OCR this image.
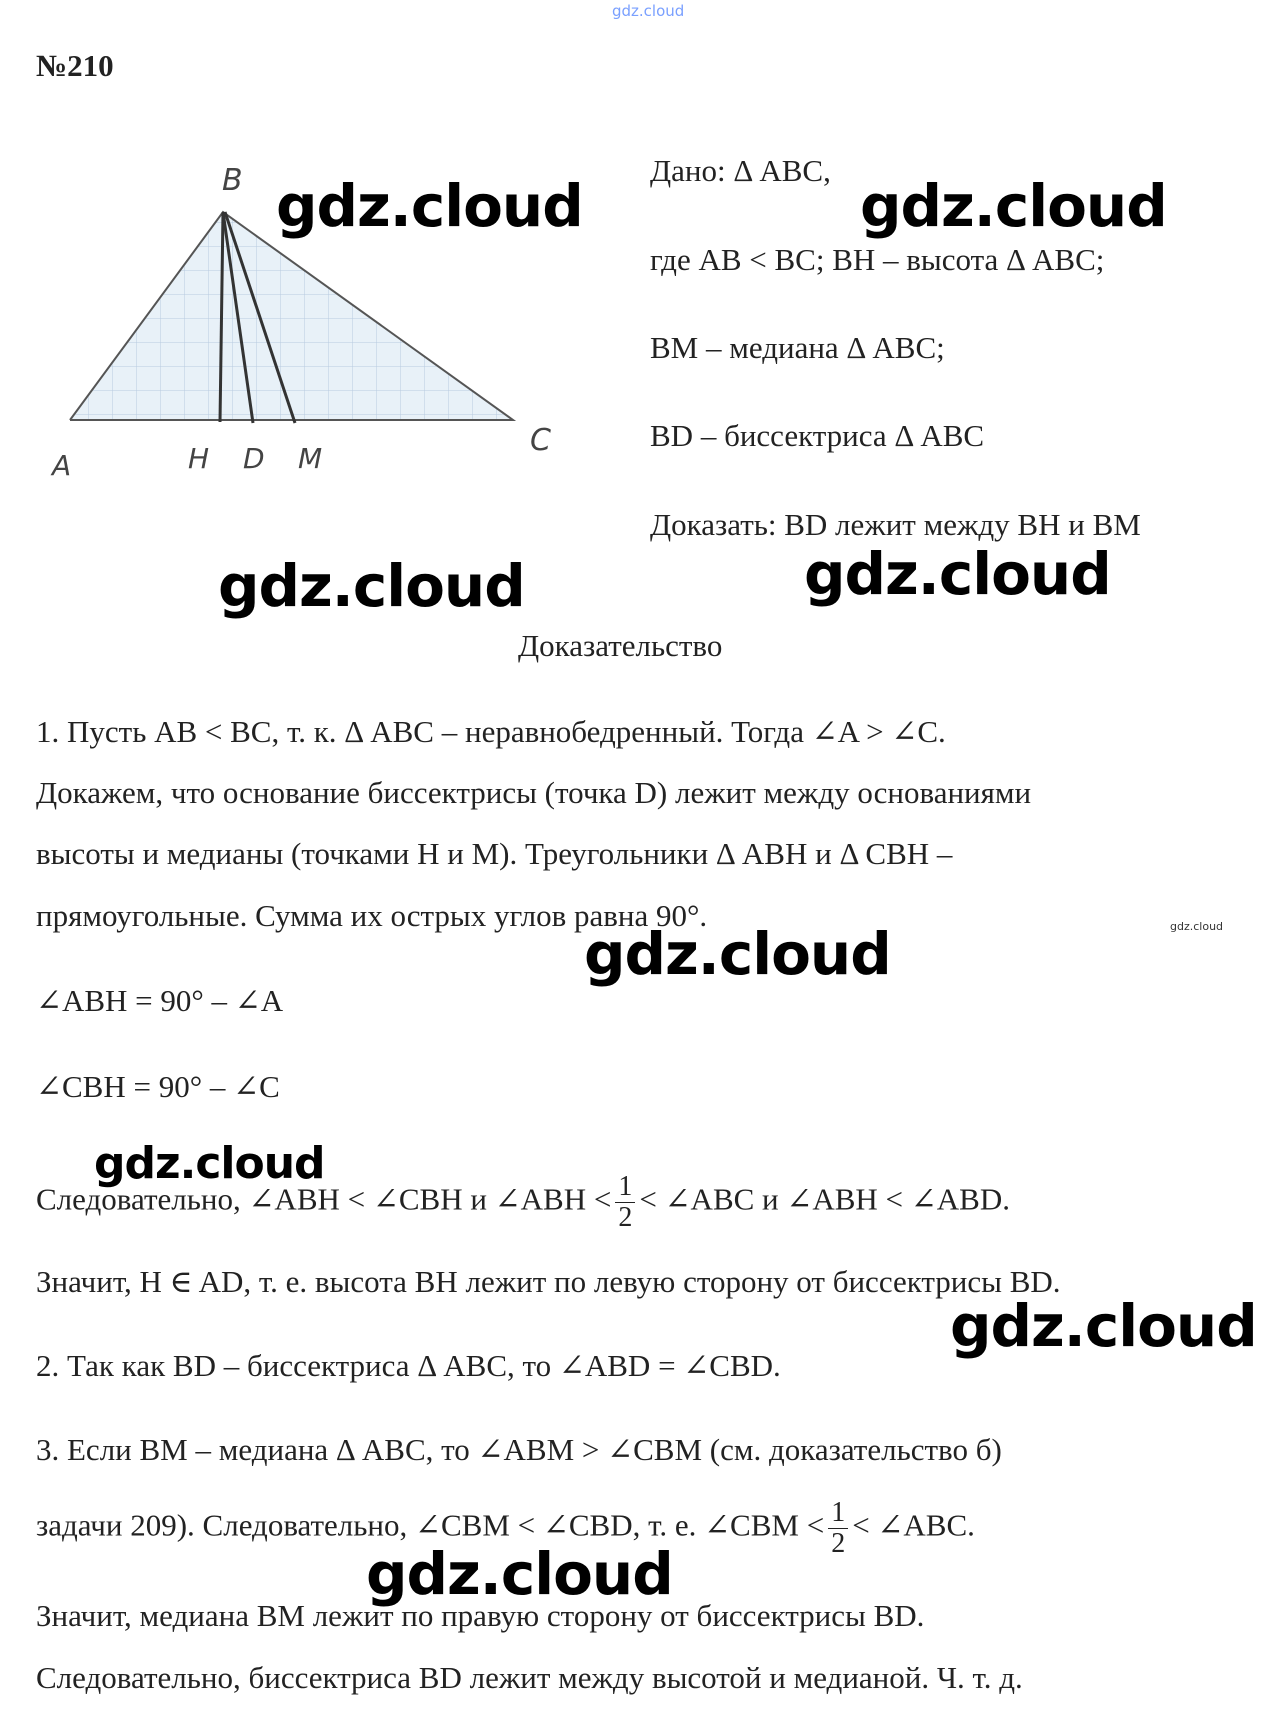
gdz.cloud
№210
B
A	H D M
C
Дано: Δ ABC,
где AB < BC; BH – высота Δ ABC;
BM – медиана Δ ABC;
BD – биссектриса Δ ABC
Доказать: BD лежит между BH и BM
Доказательство
1. Пусть AB < BC, т. к. Δ ABC – неравнобедренный. Тогда ∠A > ∠C.
Докажем, что основание биссектрисы (точка D) лежит между основаниями
высоты и медианы (точками H и M). Треугольники Δ ABH и Δ CBH –
прямоугольные. Сумма их острых углов равна 90°.
∠ABH = 90° – ∠A
∠CBH = 90° – ∠C
Следовательно, ∠ABH < ∠CBH и ∠ABH < $\frac{1}{2}$ < ∠ABC и ∠ABH < ∠ABD.
Значит, H ∈ AD, т. е. высота BH лежит по левую сторону от биссектрисы BD.
2. Так как BD – биссектриса Δ ABC, то ∠ABD = ∠CBD.
3. Если BM – медиана Δ ABC, то ∠ABM > ∠CBM (см. доказательство б)
задачи 209). Следовательно, ∠CBM < ∠CBD, т. е. ∠CBM < $\frac{1}{2}$ < ∠ABC.
Значит, медиана BM лежит по правую сторону от биссектрисы BD.
Следовательно, биссектриса BD лежит между высотой и медианой. Ч. т. д.
gdz.cloud	gdz.cloud
gdz.cloud	gdz.cloud
gdz.cloud
gdz.cloud
gdz.cloud
gdz.cloud
gdz.cloud
